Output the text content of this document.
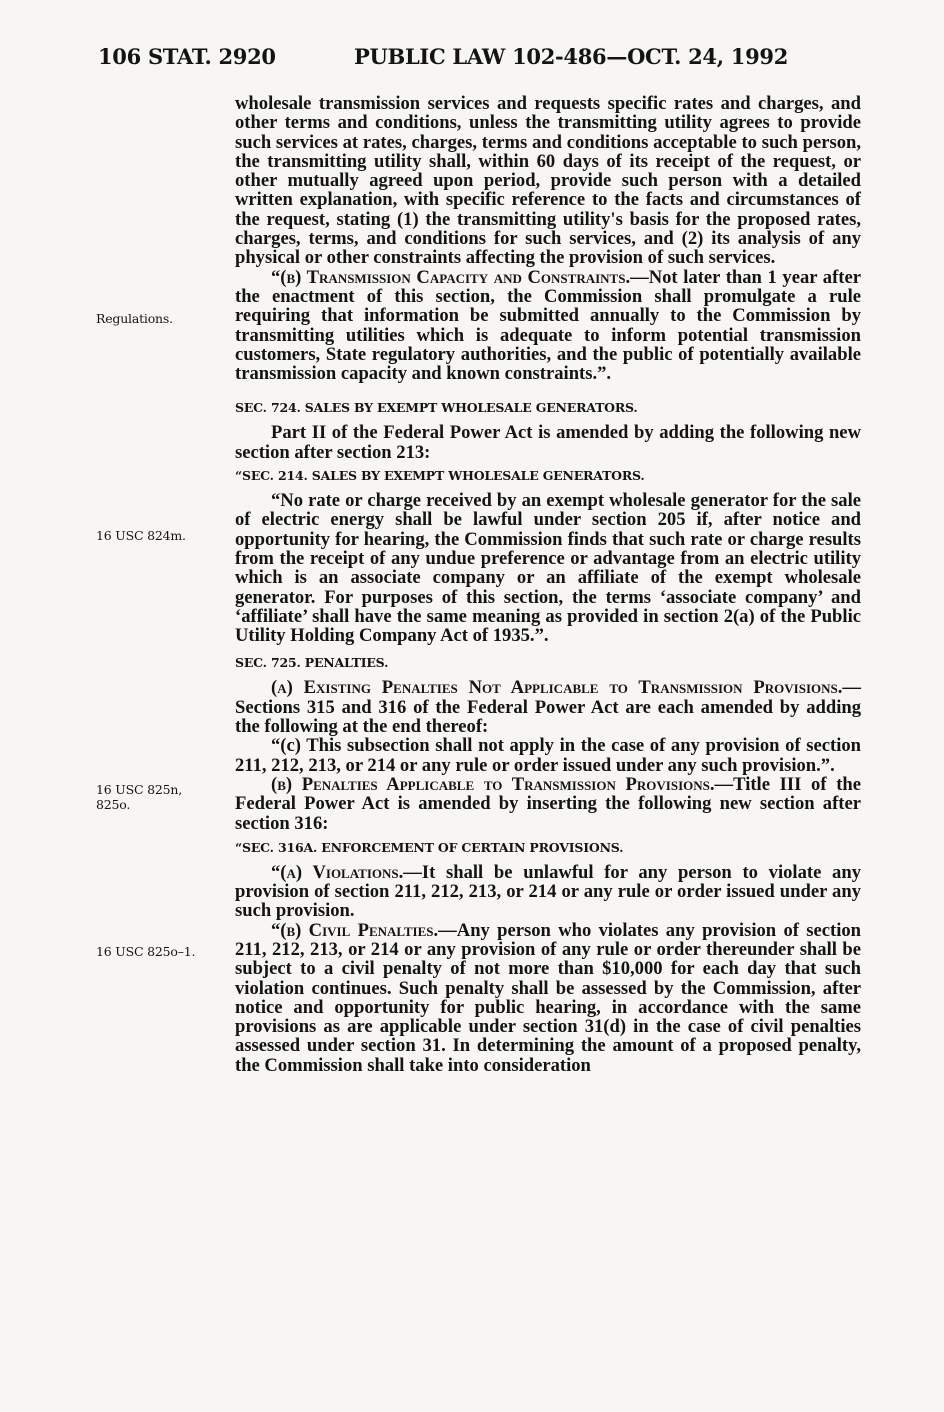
106 STAT. 2920	PUBLIC LAW 102-486—OCT. 24, 1992
Regulations.
16 USC 824m.
16 USC 825n,
825o.
16 USC 825o–1.

wholesale transmission services and requests specific rates and charges, and other terms and conditions, unless the transmitting utility agrees to provide such services at rates, charges, terms and conditions acceptable to such person, the transmitting utility shall, within 60 days of its receipt of the request, or other mutually agreed upon period, provide such person with a detailed written explanation, with specific reference to the facts and circumstances of the request, stating (1) the transmitting utility's basis for the proposed rates, charges, terms, and conditions for such services, and (2) its analysis of any physical or other constraints affecting the provision of such services.

“(b) Transmission Capacity and Constraints.—Not later than 1 year after the enactment of this section, the Commission shall promulgate a rule requiring that information be submitted annually to the Commission by transmitting utilities which is adequate to inform potential transmission customers, State regulatory authorities, and the public of potentially available transmission capacity and known constraints.”.

SEC. 724. SALES BY EXEMPT WHOLESALE GENERATORS.

Part II of the Federal Power Act is amended by adding the following new section after section 213:

“SEC. 214. SALES BY EXEMPT WHOLESALE GENERATORS.

“No rate or charge received by an exempt wholesale generator for the sale of electric energy shall be lawful under section 205 if, after notice and opportunity for hearing, the Commission finds that such rate or charge results from the receipt of any undue preference or advantage from an electric utility which is an associate company or an affiliate of the exempt wholesale generator. For purposes of this section, the terms ‘associate company’ and ‘affiliate’ shall have the same meaning as provided in section 2(a) of the Public Utility Holding Company Act of 1935.”.

SEC. 725. PENALTIES.

(a) Existing Penalties Not Applicable to Transmission Provisions.—Sections 315 and 316 of the Federal Power Act are each amended by adding the following at the end thereof:

“(c) This subsection shall not apply in the case of any provision of section 211, 212, 213, or 214 or any rule or order issued under any such provision.”.

(b) Penalties Applicable to Transmission Provisions.—Title III of the Federal Power Act is amended by inserting the following new section after section 316:

“SEC. 316A. ENFORCEMENT OF CERTAIN PROVISIONS.

“(a) Violations.—It shall be unlawful for any person to violate any provision of section 211, 212, 213, or 214 or any rule or order issued under any such provision.

“(b) Civil Penalties.—Any person who violates any provision of section 211, 212, 213, or 214 or any provision of any rule or order thereunder shall be subject to a civil penalty of not more than $10,000 for each day that such violation continues. Such penalty shall be assessed by the Commission, after notice and opportunity for public hearing, in accordance with the same provisions as are applicable under section 31(d) in the case of civil penalties assessed under section 31. In determining the amount of a proposed penalty, the Commission shall take into consideration
